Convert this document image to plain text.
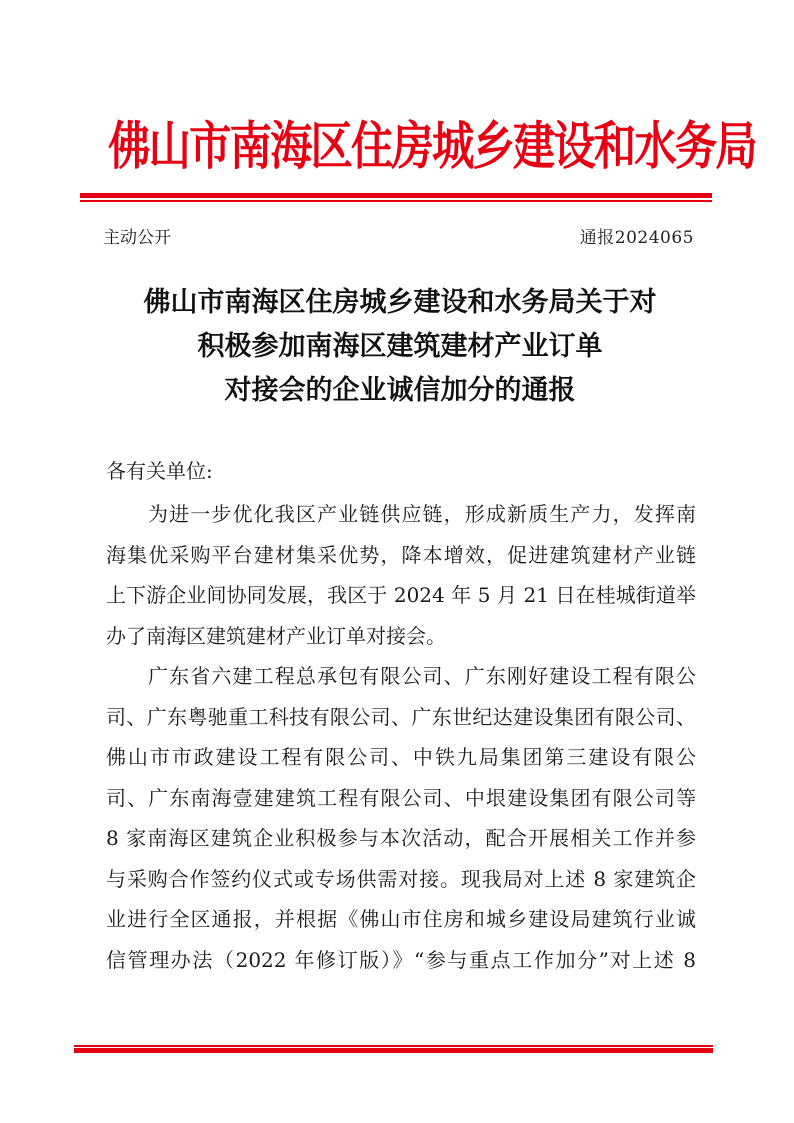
佛山市南海区住房城乡建设和水务局
主动公开	通报2024065
佛山市南海区住房城乡建设和水务局关于对
积极参加南海区建筑建材产业订单
对接会的企业诚信加分的通报
各有关单位:
为进一步优化我区产业链供应链，形成新质生产力，发挥南
海集优采购平台建材集采优势，降本增效，促进建筑建材产业链
上下游企业间协同发展，我区于 2024 年 5 月 21 日在桂城街道举
办了南海区建筑建材产业订单对接会。
广东省六建工程总承包有限公司、广东刚好建设工程有限公
司、广东粤驰重工科技有限公司、广东世纪达建设集团有限公司、
佛山市市政建设工程有限公司、中铁九局集团第三建设有限公
司、广东南海壹建建筑工程有限公司、中垠建设集团有限公司等
8 家南海区建筑企业积极参与本次活动，配合开展相关工作并参
与采购合作签约仪式或专场供需对接。现我局对上述 8 家建筑企
业进行全区通报，并根据《佛山市住房和城乡建设局建筑行业诚
信管理办法（2022 年修订版）》“参与重点工作加分”对上述 8
